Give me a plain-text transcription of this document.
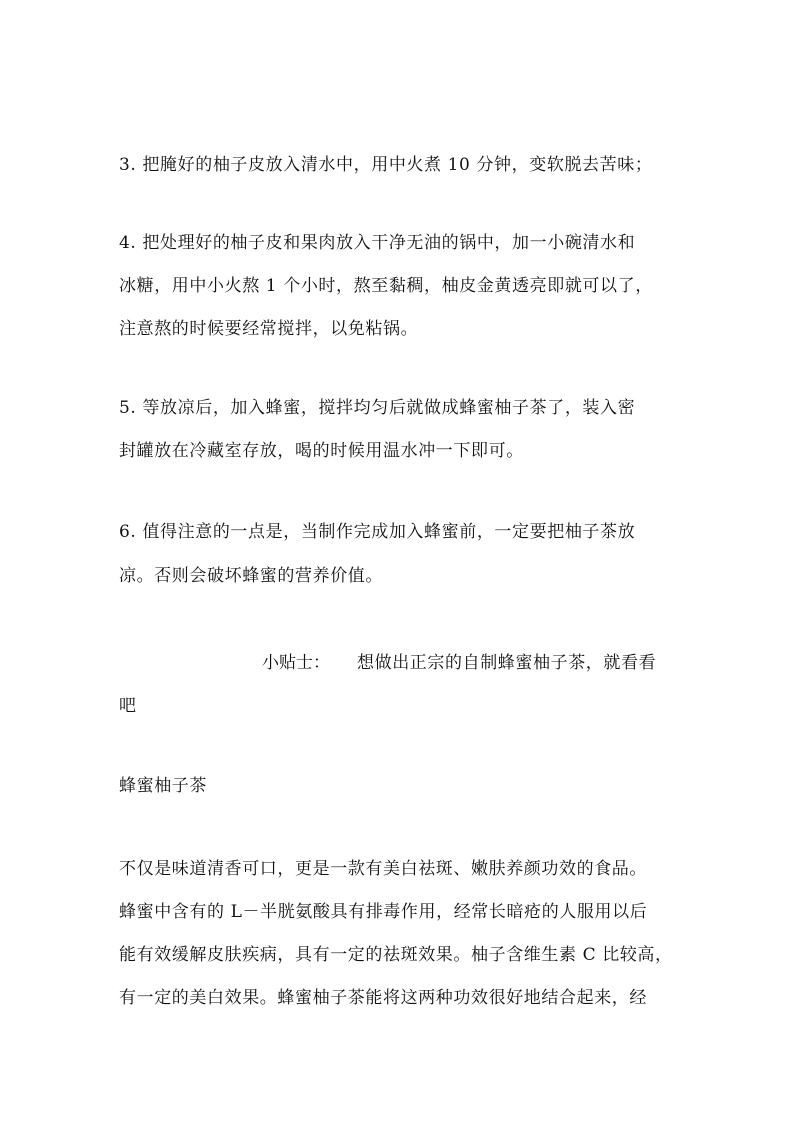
3. 把腌好的柚子皮放入清水中，用中火煮 10 分钟，变软脱去苦味；
4. 把处理好的柚子皮和果肉放入干净无油的锅中，加一小碗清水和
冰糖，用中小火熬 1 个小时，熬至黏稠，柚皮金黄透亮即就可以了，
注意熬的时候要经常搅拌，以免粘锅。
5. 等放凉后，加入蜂蜜，搅拌均匀后就做成蜂蜜柚子茶了，装入密
封罐放在冷藏室存放，喝的时候用温水冲一下即可。
6. 值得注意的一点是，当制作完成加入蜂蜜前，一定要把柚子茶放
凉。否则会破坏蜂蜜的营养价值。
小贴士： 想做出正宗的自制蜂蜜柚子茶，就看看
吧
蜂蜜柚子茶
不仅是味道清香可口，更是一款有美白祛斑、嫩肤养颜功效的食品。
蜂蜜中含有的 L－半胱氨酸具有排毒作用，经常长暗疮的人服用以后
能有效缓解皮肤疾病，具有一定的祛斑效果。柚子含维生素 C 比较高，
有一定的美白效果。蜂蜜柚子茶能将这两种功效很好地结合起来，经
